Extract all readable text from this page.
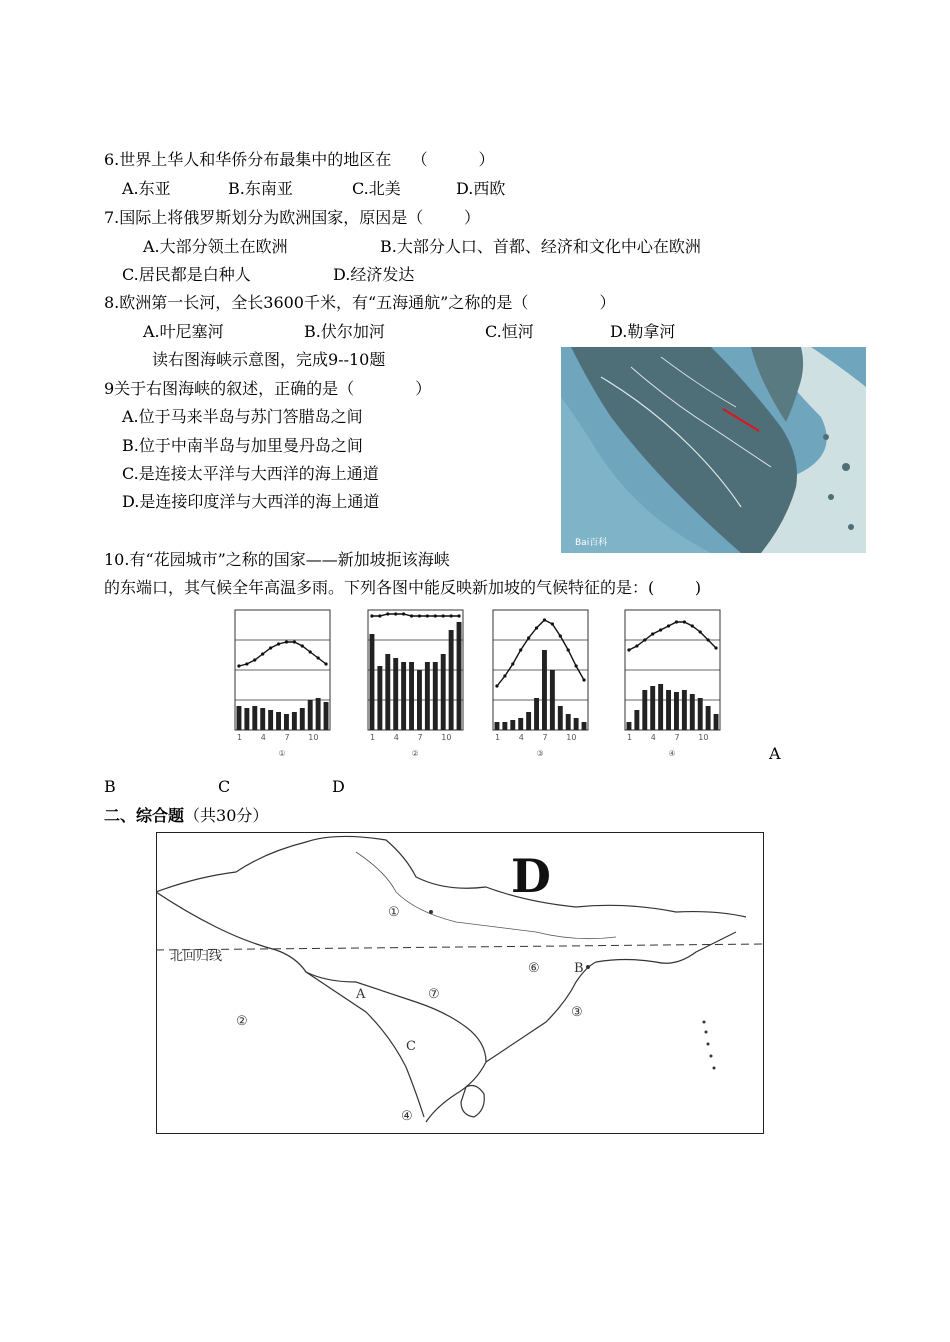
6.世界上华人和华侨分布最集中的地区在 （          ）
A.东亚	B.东南亚	C.北美	D.西欧
7.国际上将俄罗斯划分为欧洲国家，原因是（        ）
A.大部分领土在欧洲	B.大部分人口、首都、经济和文化中心在欧洲
C.居民都是白种人	D.经济发达
8.欧洲第一长河，全长3600千米，有“五海通航”之称的是（              ）
A.叶尼塞河	B.伏尔加河	C.恒河	D.勒拿河
读右图海峡示意图，完成9--10题
9关于右图海峡的叙述，正确的是（            ）
A.位于马来半岛与苏门答腊岛之间
B.位于中南半岛与加里曼丹岛之间
C.是连接太平洋与大西洋的海上通道
D.是连接印度洋与大西洋的海上通道
Bai百科
10.有“花园城市”之称的国家——新加坡扼该海峡
的东端口，其气候全年高温多雨。下列各图中能反映新加坡的气候特征的是：(        )
1 4 7 10
①
1 4 7 10
②
1 4 7 10
③
1 4 7 10
④	A
B	C	D
二、综合题（共30分）
北回归线
D
①
②
③
④
⑥
⑦
A
B
C
